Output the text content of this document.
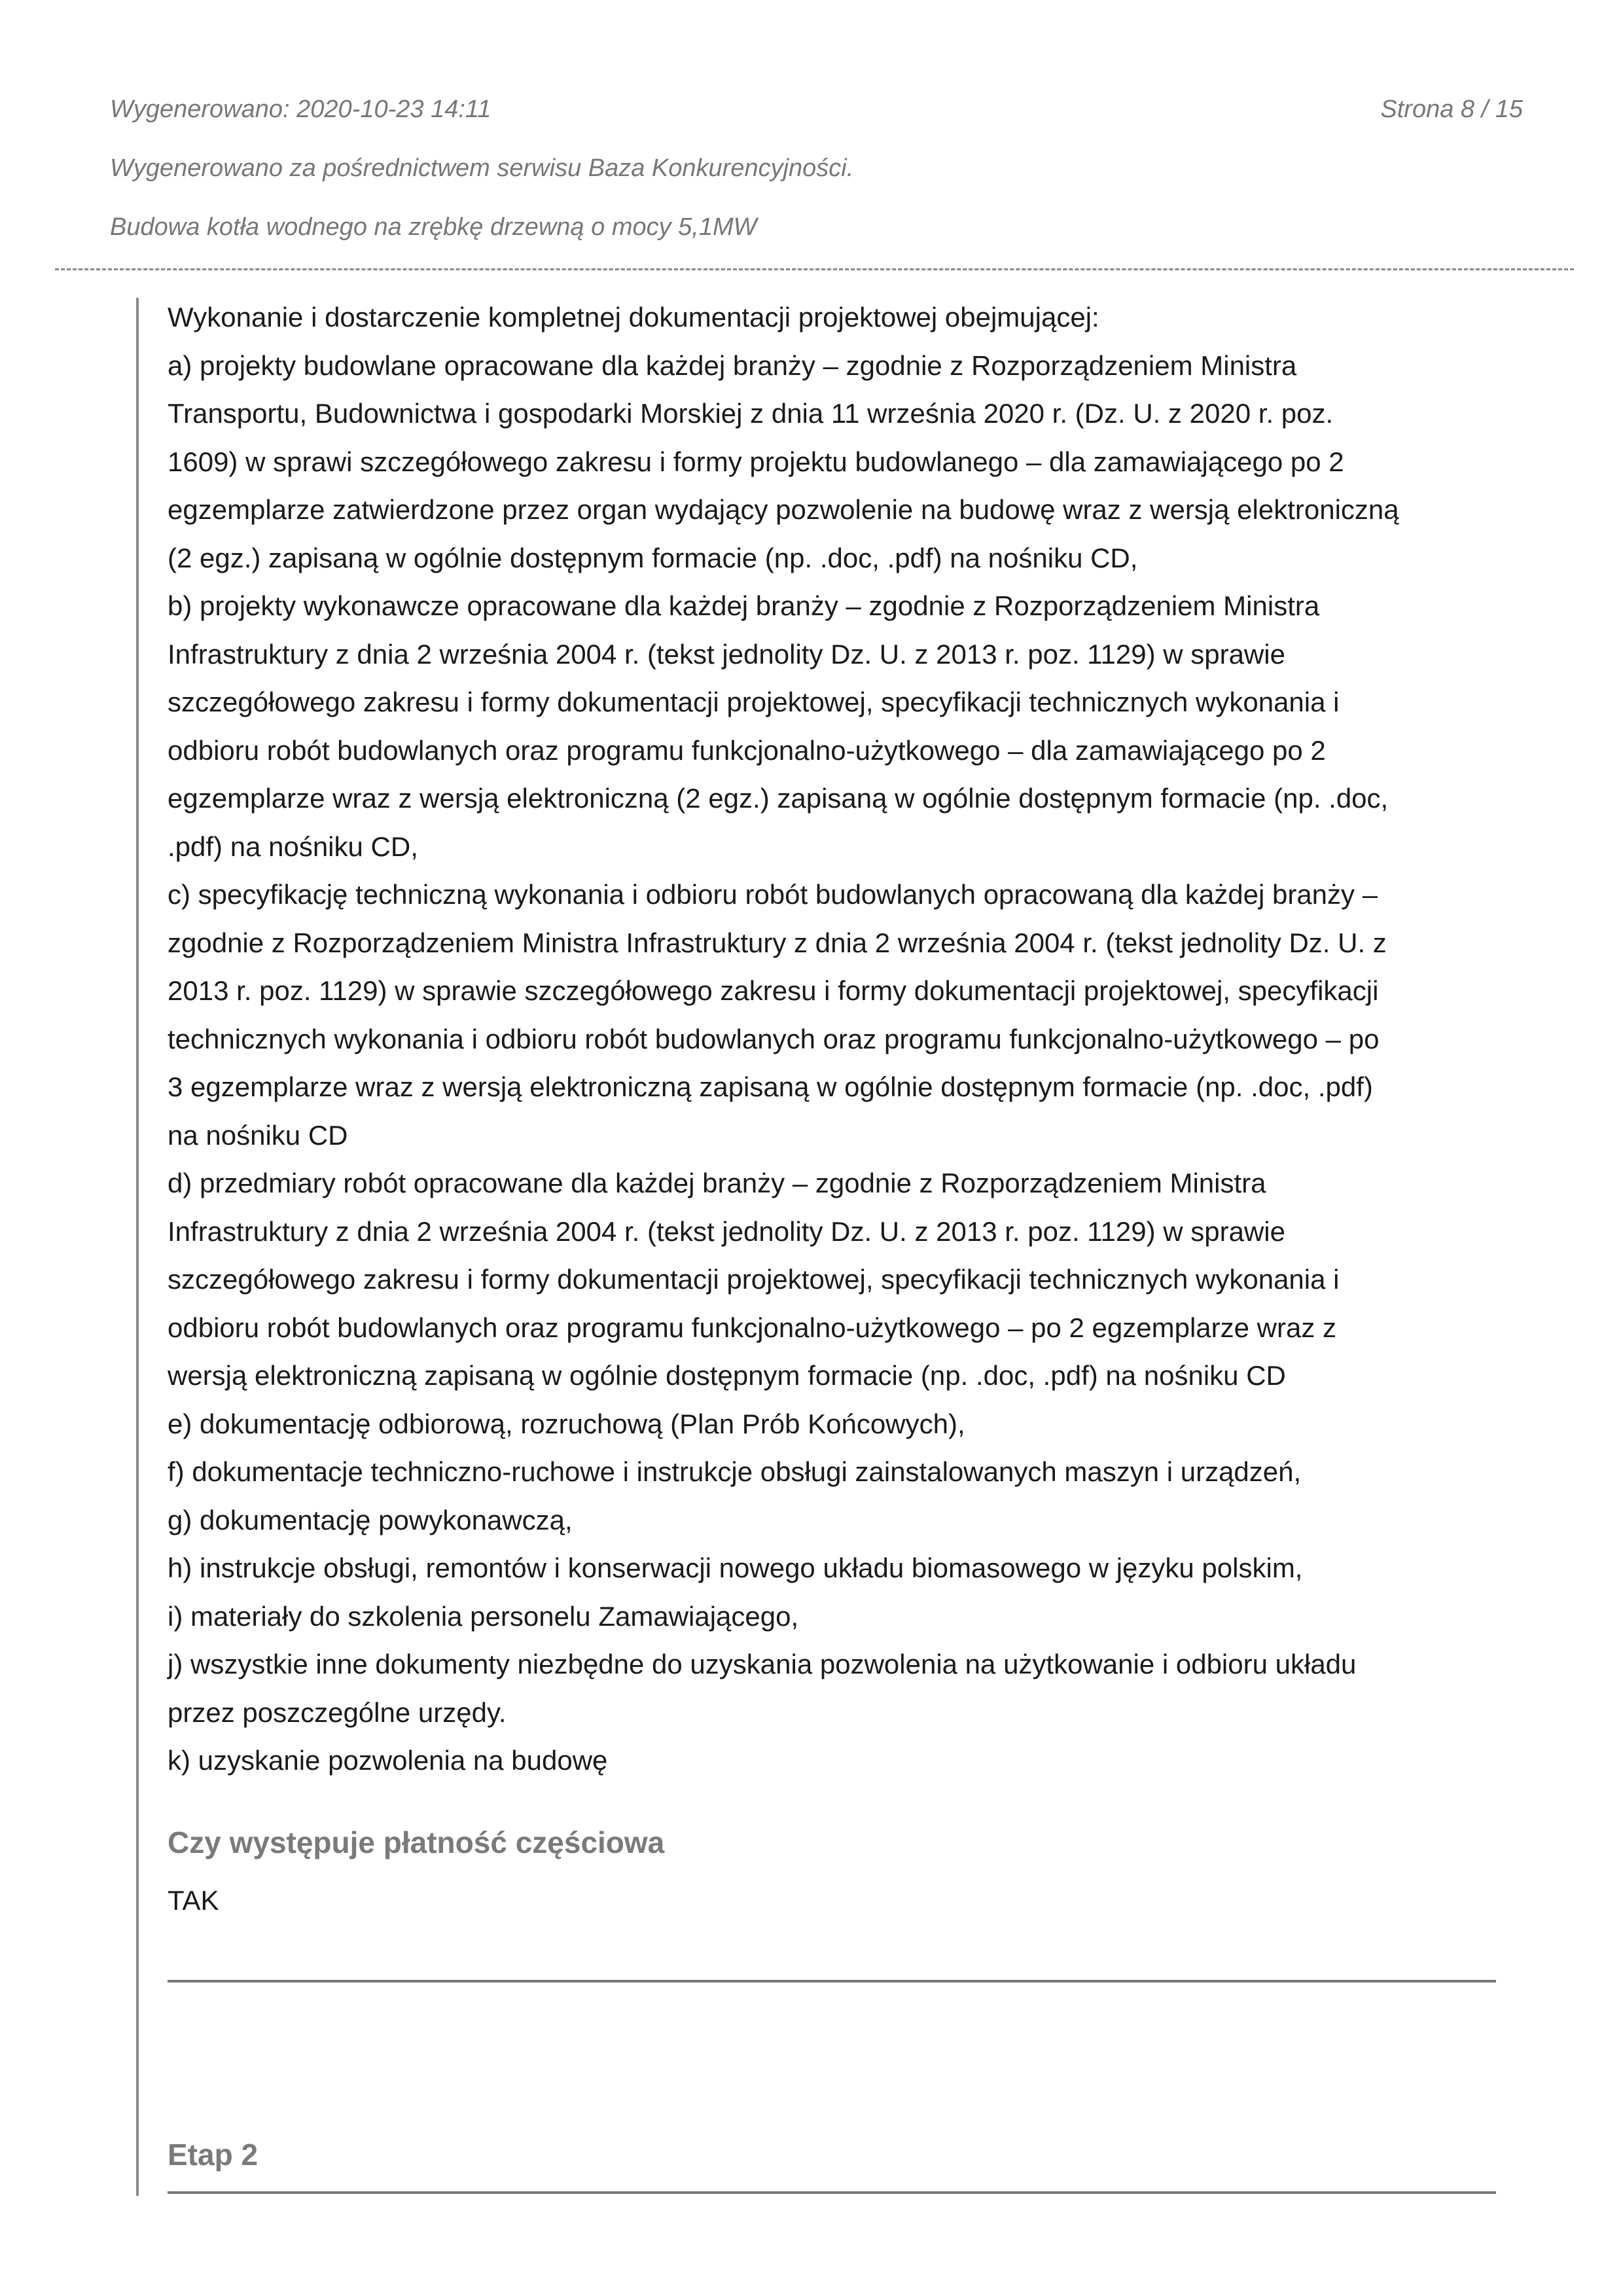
Wygenerowano: 2020-10-23 14:11	Strona 8 / 15
Wygenerowano za pośrednictwem serwisu Baza Konkurencyjności.
Budowa kotła wodnego na zrębkę drzewną o mocy 5,1MW

Wykonanie i dostarczenie kompletnej dokumentacji projektowej obejmującej:
a) projekty budowlane opracowane dla każdej branży – zgodnie z Rozporządzeniem Ministra
Transportu, Budownictwa i gospodarki Morskiej z dnia 11 września 2020 r. (Dz. U. z 2020 r. poz.
1609) w sprawi szczegółowego zakresu i formy projektu budowlanego – dla zamawiającego po 2
egzemplarze zatwierdzone przez organ wydający pozwolenie na budowę wraz z wersją elektroniczną
(2 egz.) zapisaną w ogólnie dostępnym formacie (np. .doc, .pdf) na nośniku CD,
b) projekty wykonawcze opracowane dla każdej branży – zgodnie z Rozporządzeniem Ministra
Infrastruktury z dnia 2 września 2004 r. (tekst jednolity Dz. U. z 2013 r. poz. 1129) w sprawie
szczegółowego zakresu i formy dokumentacji projektowej, specyfikacji technicznych wykonania i
odbioru robót budowlanych oraz programu funkcjonalno-użytkowego – dla zamawiającego po 2
egzemplarze wraz z wersją elektroniczną (2 egz.) zapisaną w ogólnie dostępnym formacie (np. .doc,
.pdf) na nośniku CD,
c) specyfikację techniczną wykonania i odbioru robót budowlanych opracowaną dla każdej branży –
zgodnie z Rozporządzeniem Ministra Infrastruktury z dnia 2 września 2004 r. (tekst jednolity Dz. U. z
2013 r. poz. 1129) w sprawie szczegółowego zakresu i formy dokumentacji projektowej, specyfikacji
technicznych wykonania i odbioru robót budowlanych oraz programu funkcjonalno-użytkowego – po
3 egzemplarze wraz z wersją elektroniczną zapisaną w ogólnie dostępnym formacie (np. .doc, .pdf)
na nośniku CD
d) przedmiary robót opracowane dla każdej branży – zgodnie z Rozporządzeniem Ministra
Infrastruktury z dnia 2 września 2004 r. (tekst jednolity Dz. U. z 2013 r. poz. 1129) w sprawie
szczegółowego zakresu i formy dokumentacji projektowej, specyfikacji technicznych wykonania i
odbioru robót budowlanych oraz programu funkcjonalno-użytkowego – po 2 egzemplarze wraz z
wersją elektroniczną zapisaną w ogólnie dostępnym formacie (np. .doc, .pdf) na nośniku CD
e) dokumentację odbiorową, rozruchową (Plan Prób Końcowych),
f) dokumentacje techniczno-ruchowe i instrukcje obsługi zainstalowanych maszyn i urządzeń,
g) dokumentację powykonawczą,
h) instrukcje obsługi, remontów i konserwacji nowego układu biomasowego w języku polskim,
i) materiały do szkolenia personelu Zamawiającego,
j) wszystkie inne dokumenty niezbędne do uzyskania pozwolenia na użytkowanie i odbioru układu
przez poszczególne urzędy.
k) uzyskanie pozwolenia na budowę

Czy występuje płatność częściowa

TAK

Etap 2
